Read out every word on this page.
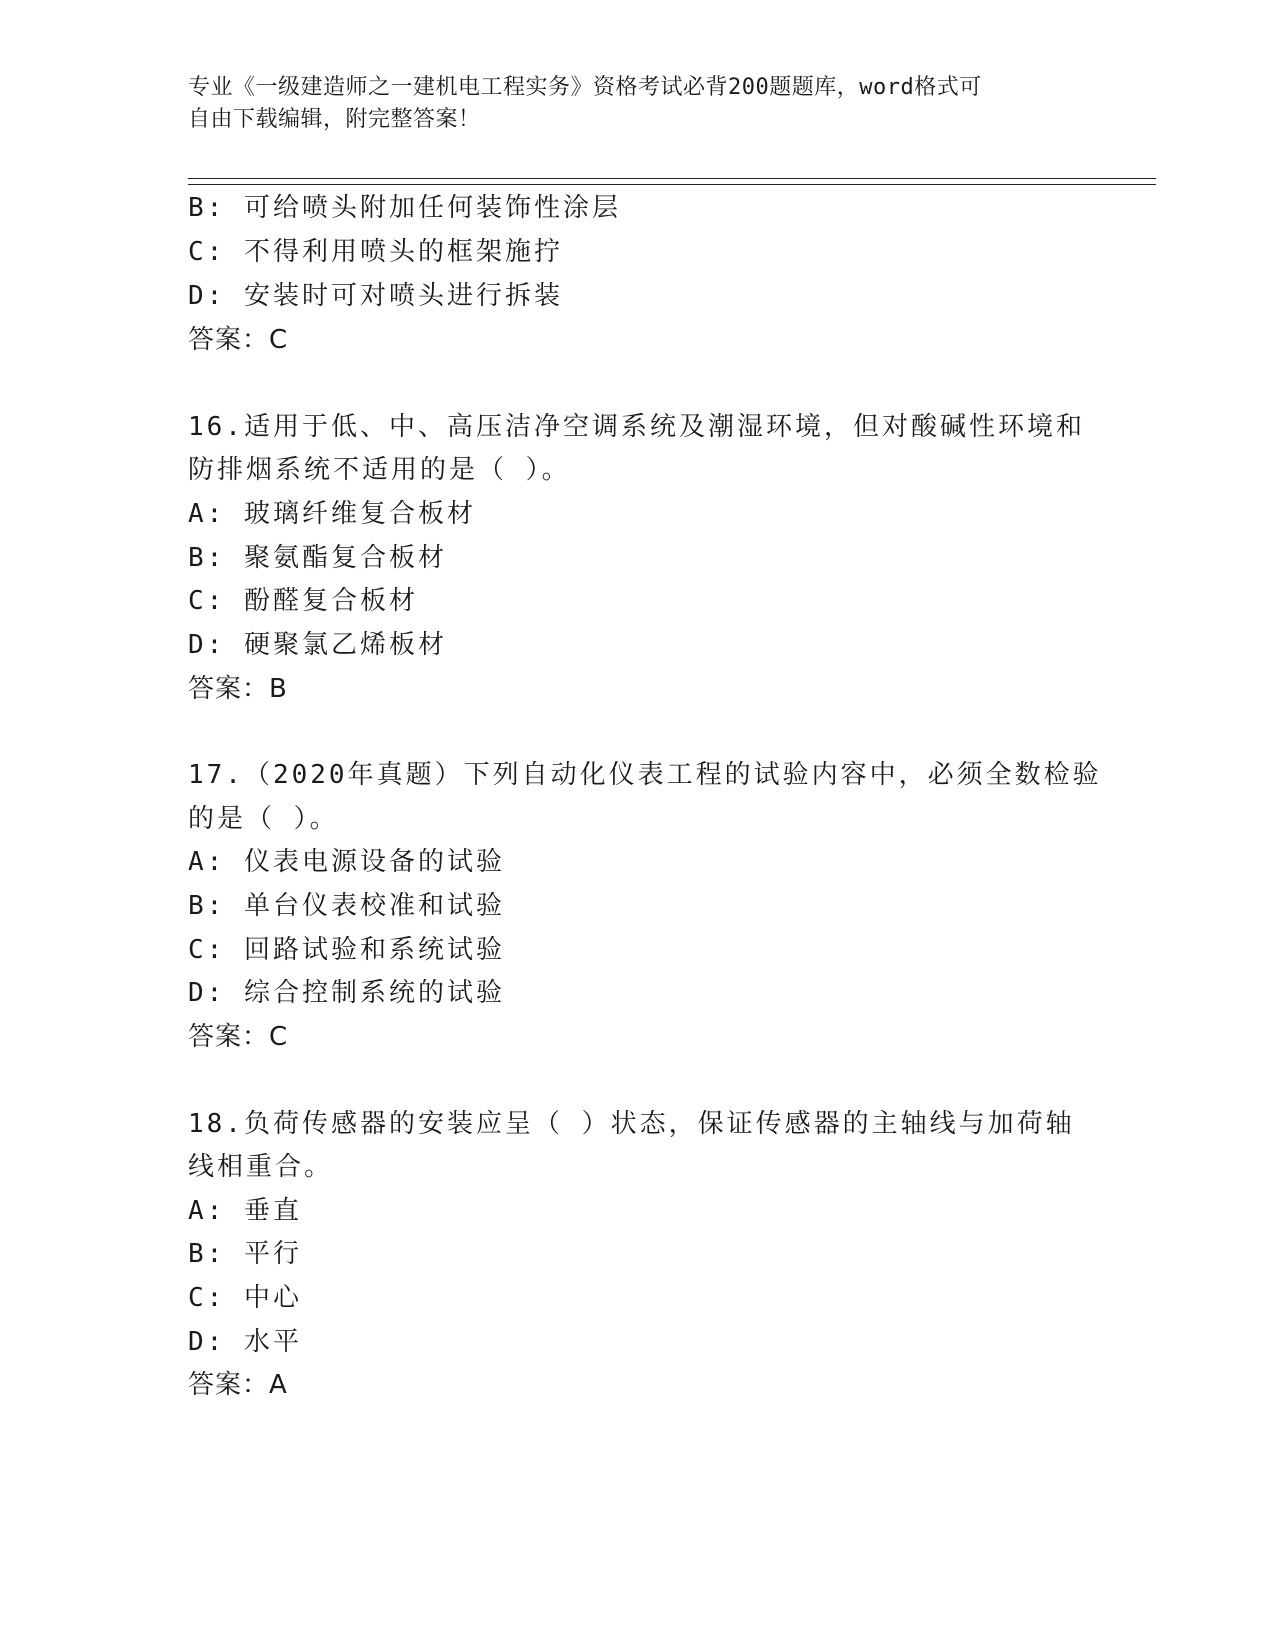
专业《一级建造师之一建机电工程实务》资格考试必背200题题库，word格式可
自由下载编辑，附完整答案！
B: 可给喷头附加任何装饰性涂层
C: 不得利用喷头的框架施拧
D: 安装时可对喷头进行拆装
答案：C
16.适用于低、中、高压洁净空调系统及潮湿环境，但对酸碱性环境和
防排烟系统不适用的是（ ）。
A: 玻璃纤维复合板材
B: 聚氨酯复合板材
C: 酚醛复合板材
D: 硬聚氯乙烯板材
答案：B
17.（2020年真题）下列自动化仪表工程的试验内容中，必须全数检验
的是（ ）。
A: 仪表电源设备的试验
B: 单台仪表校准和试验
C: 回路试验和系统试验
D: 综合控制系统的试验
答案：C
18.负荷传感器的安装应呈（ ）状态，保证传感器的主轴线与加荷轴
线相重合。
A: 垂直
B: 平行
C: 中心
D: 水平
答案：A
